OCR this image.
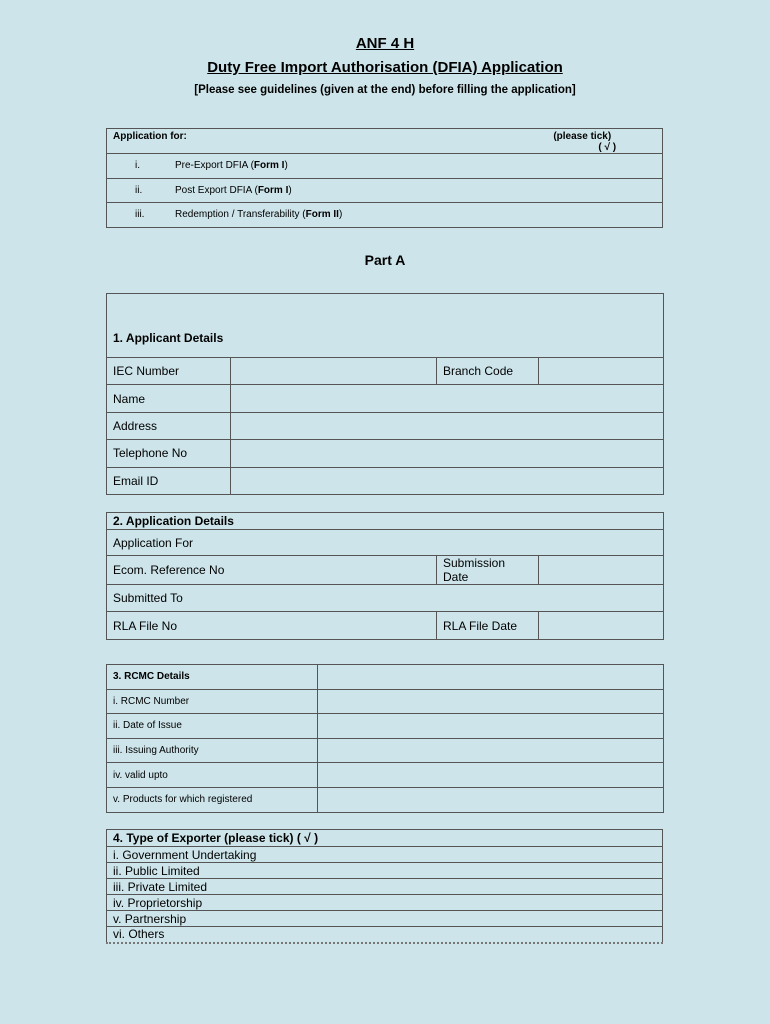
ANF 4 H
Duty Free Import Authorisation (DFIA) Application
[Please see guidelines (given at the end) before filling the application]
Application for:	(please tick)
( √ )

i.	Pre-Export DFIA (Form I)
ii.	Post Export DFIA (Form I)
iii.	Redemption / Transferability (Form II)
Part A
1. Applicant Details			
IEC Number		Branch Code	
Name			
Address			
Telephone No			
Email ID			
2. Application Details		
Application For		
Ecom. Reference No	Submission Date	
Submitted To		
RLA File No	RLA File Date	
3. RCMC Details	
i. RCMC Number	
ii. Date of Issue	
iii. Issuing Authority	
iv. valid upto	
v. Products for which registered	
4. Type of Exporter (please tick) ( √ )
i. Government Undertaking
ii. Public Limited
iii. Private Limited
iv. Proprietorship
v. Partnership
vi. Others
